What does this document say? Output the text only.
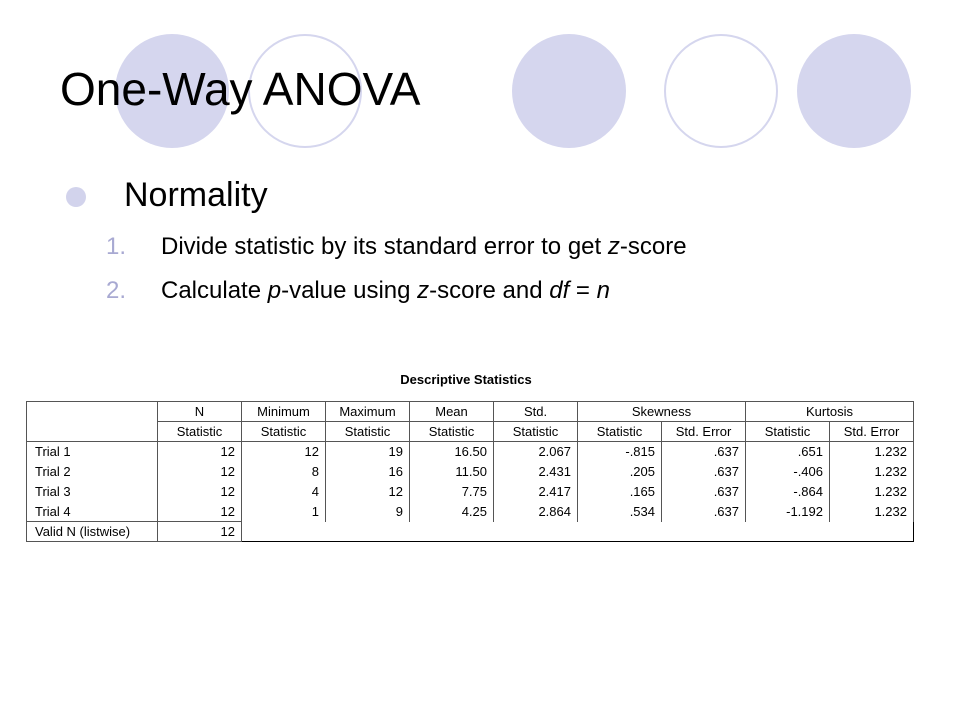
One-Way ANOVA
Normality
1. Divide statistic by its standard error to get z-score
2. Calculate p-value using z-score and df = n
Descriptive Statistics
	N	Minimum	Maximum	Mean	Std.	Skewness		Kurtosis	
	Statistic	Statistic	Statistic	Statistic	Statistic	Statistic	Std. Error	Statistic	Std. Error
Trial 1	12	12	19	16.50	2.067	-.815	.637	.651	1.232
Trial 2	12	8	16	11.50	2.431	.205	.637	-.406	1.232
Trial 3	12	4	12	7.75	2.417	.165	.637	-.864	1.232
Trial 4	12	1	9	4.25	2.864	.534	.637	-1.192	1.232
Valid N (listwise)	12								
